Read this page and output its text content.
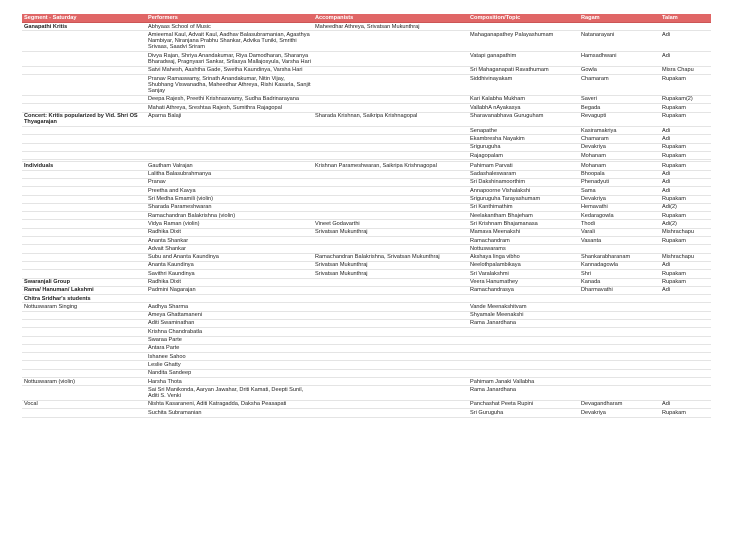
Segment - Saturday	Performers	Accompanists	Composition/Topic	Ragam	Talam
Ganapathi Kritis	Abhyaas School of Music	Maheedhar Athreya, Srivatsan Mukunthraj			
	Amieemal Kaul, Advait Kaul, Aadhav Balasubramanian, Agasthya Nambiyar, Niranjana Prabhu Shankar, Advika Tuniki, Smrithi Srivaas, Saadvi Sriram		Mahaganapathey Palayashumam	Natanarayani	Adi
	Divya Rajan, Shriya Anandakumar, Riya Damodharan, Sharanya Bharadwaj, Pragnyasri Sankar, Srilasya Mallajosyula, Varsha Hari		Vatapi ganapathim	Hamsadhwani	Adi
	Satvi Mahesh, Aashtha Gade, Swetha Kaundinya, Varsha Hari		Sri Mahaganapati Ravathumam	Gowla	Misra Chapu
	Pranav Ramaswamy, Srinath Anandakumar, Nitin Vijay, Shubhang Viswanadha, Maheedhar Athreya, Rishi Kasarla, Sanjit Sanjay		Siddhivinayakam	Chamaram	Rupakam
	Deepa Rajesh, Preethi Krishnaswamy, Sudha Badrinarayana		Kari Kalabha Mukham	Saveri	Rupakam(2)
	Mahati Athreya, Sreshtaa Rajesh, Sumithra Rajagopal		VallabhA nAyakasya	Begada	Rupakam
Concert: Kritis popularized by Vid. Shri OS Thyagarajan	Aparna Balaji	Sharada Krishnan, Saikripa Krishnagopal	Sharavanabhava Guruguham	Revagupti	Rupakam
			Senapathe	Kasiramakriya	Adi
			Ekambresha Nayakim	Chamaram	Adi
			Sriguruguha	Devakriya	Rupakam
			Rajagopalam	Mohanam	Rupakam

Individuals	Gautham Valrajan	Krishnan Parameshwaran, Saikripa Krishnagopal	Pahimam Parvati	Mohanam	Rupakam
	Lalitha Balasubrahmanya		Sadashaleswaram	Bhoopala	Adi
	Pranav		Sri Dakshinamoorthim	Phenadyuti	Adi
	Preetha and Kavya		Annapoorne Vishalakshi	Sama	Adi
	Sri Medha Emamili (violin)		Sriguruguha Tarayashumam	Devakriya	Rupakam
	Sharada Parameshwaran		Sri Kanthimathim	Hemavathi	Adi(2)
	Ramachandran Balakrishna (violin)		Neelakantham Bhajeham	Kedaragowla	Rupakam
	Vidya Raman (violin)	Vineet Godavarthi	Sri Krishnam Bhajamanasa	Thodi	Adi(2)
	Radhika Dixit	Srivatsan Mukunthraj	Mamava Meenakshi	Varali	Mishrachapu
	Ananta Shankar		Ramachandram	Vasanta	Rupakam
	Advait Shankar		Nottuswarams		
	Subu and Ananta Kaundinya	Ramachandran Balakrishna, Srivatsan Mukunthraj	Akshaya linga vibho	Shankarabharanam	Mishrachapu
	Ananta Kaundinya	Srivatsan Mukunthraj	Neelothpalambikaya	Kannadagowla	Adi
	Savithri Kaundinya	Srivatsan Mukunthraj	Sri Varalakshmi	Shri	Rupakam
Swaranjali Group	Radhika Dixit		Veera Hanumathey	Kanada	Rupakam
Rama/ Hanuman/ Lakshmi	Padmini Nagarajan		Ramachandrasya	Dharmavathi	Adi
Chitra Sridhar's students					
Nottuswaram Singing	Aadhya Sharma		Vande Meenakshitvam		
	Ameya Ghattamaneni		Shyamale Meenakshi		
	Aditi Swaminathan		Rama Janardhana		
	Krishna Chandrabatla				
	Swaraa Parte				
	Antara Parte				
	Ishanee Sahoo				
	Leslie Ghatty				
	Nandita Sandeep				
Nottuswaram (violin)	Harsha Thota		Pahimam Janaki Vallabha		
	Sai Sri Manikonda, Aaryan Jawahar, Driti Kamati, Deepti Sunil, Aditi S. Venki		Rama Janardhana		
Vocal	Nishta Kasaraneni, Aditi Katragadda, Daksha Peasapati		Panchashat Peeta Rupini	Devagandharam	Adi
	Suchita Subramanian		Sri Guruguha	Devakriya	Rupakam
